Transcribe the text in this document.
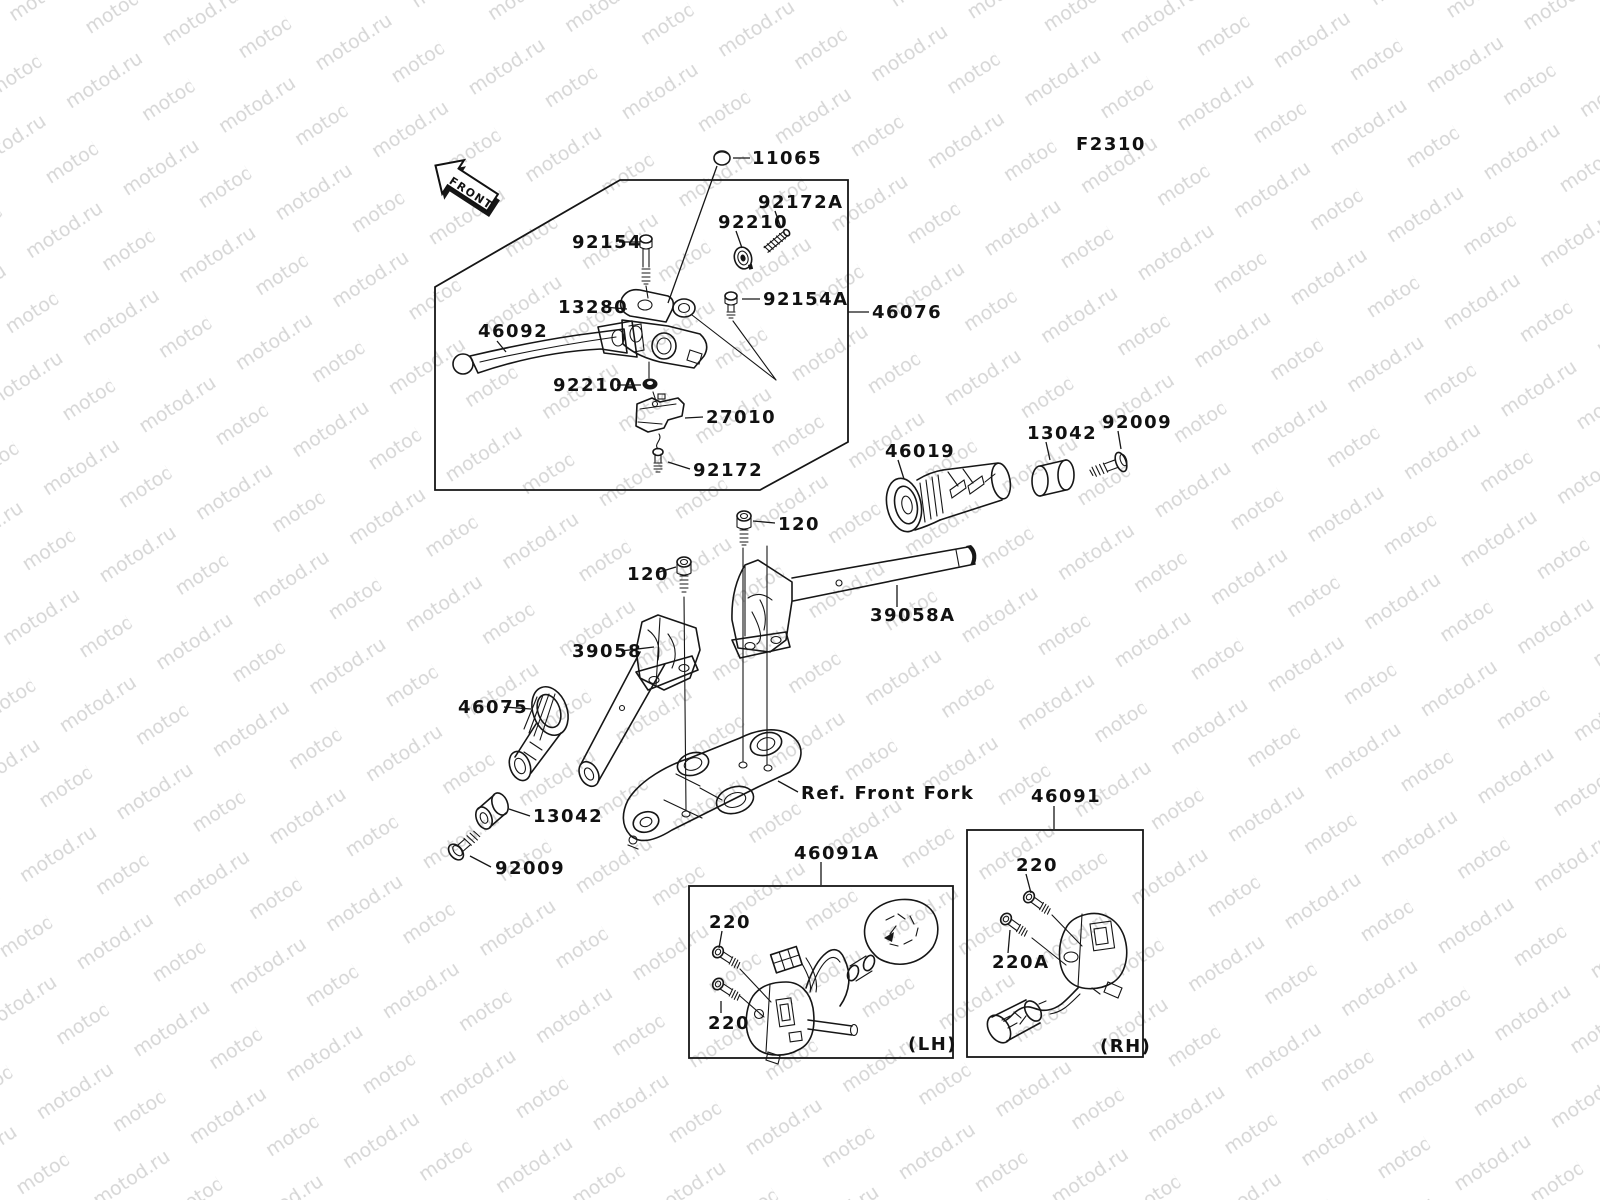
FRONT
F2310
11065
92172A
92210
92154
13280	92154A
46076
46092
92210A
27010
92172
46019
13042
92009
120
120
39058A
39058
46075
13042
92009
Ref. Front Fork
46091A
220
220
(LH)
46091
220
220A
(RH)
